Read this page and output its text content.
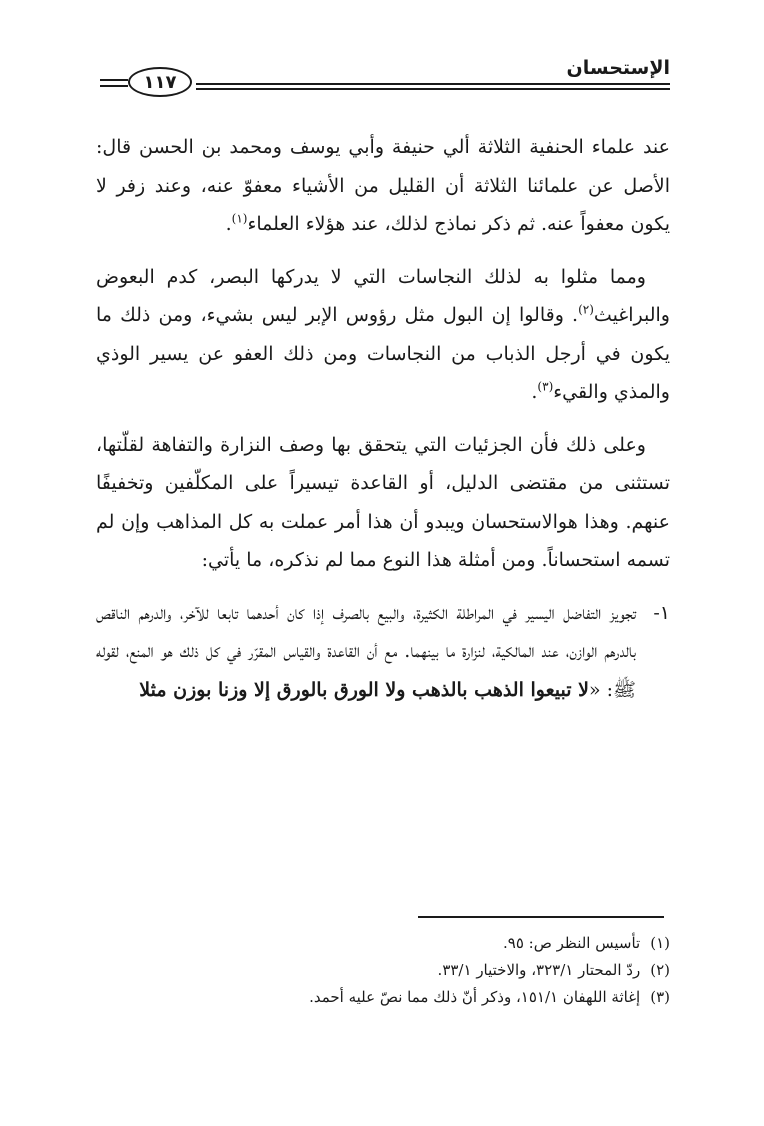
الإستحسان
١١٧

عند علماء الحنفية الثلاثة ألي حنيفة وأبي يوسف ومحمد بن الحسن قال: الأصل عن علمائنا الثلاثة أن القليل من الأشياء معفوّ عنه، وعند زفر لا يكون معفواً عنه. ثم ذكر نماذج لذلك، عند هؤلاء العلماء$^{(١)}$.

ومما مثلوا به لذلك النجاسات التي لا يدركها البصر، كدم البعوض والبراغيث$^{(٢)}$. وقالوا إن البول مثل رؤوس الإبر ليس بشيء، ومن ذلك ما يكون في أرجل الذباب من النجاسات ومن ذلك العفو عن يسير الوذي والمذي والقيء$^{(٣)}$.

وعلى ذلك فأن الجزئيات التي يتحقق بها وصف النزارة والتفاهة لقلّتها، تستثنى من مقتضى الدليل، أو القاعدة تيسيراً على المكلّفين وتخفيفًا عنهم. وهذا هوالاستحسان ويبدو أن هذا أمر عملت به كل المذاهب وإن لم تسمه استحساناً. ومن أمثلة هذا النوع مما لم نذكره، ما يأتي:

١-
تجويز التفاضل اليسير في المراطلة الكثيرة، والبيع بالصرف إذا كان أحدهما تابعا للآخر، والدرهم الناقص بالدرهم الوازن، عند المالكية، لنزارة ما بينهما. مع أن القاعدة والقياس المقرّر في كل ذلك هو المنع، لقوله ﷺ: «لا تبيعوا الذهب بالذهب ولا الورق بالورق إلا وزنا بوزن مثلا
(١)تأسيس النظر ص: ٩٥.
(٢)ردّ المحتار ٣٢٣/١، والاختيار ٣٣/١.
(٣)إغاثة اللهفان ١٥١/١، وذكر أنّ ذلك مما نصّ عليه أحمد.
